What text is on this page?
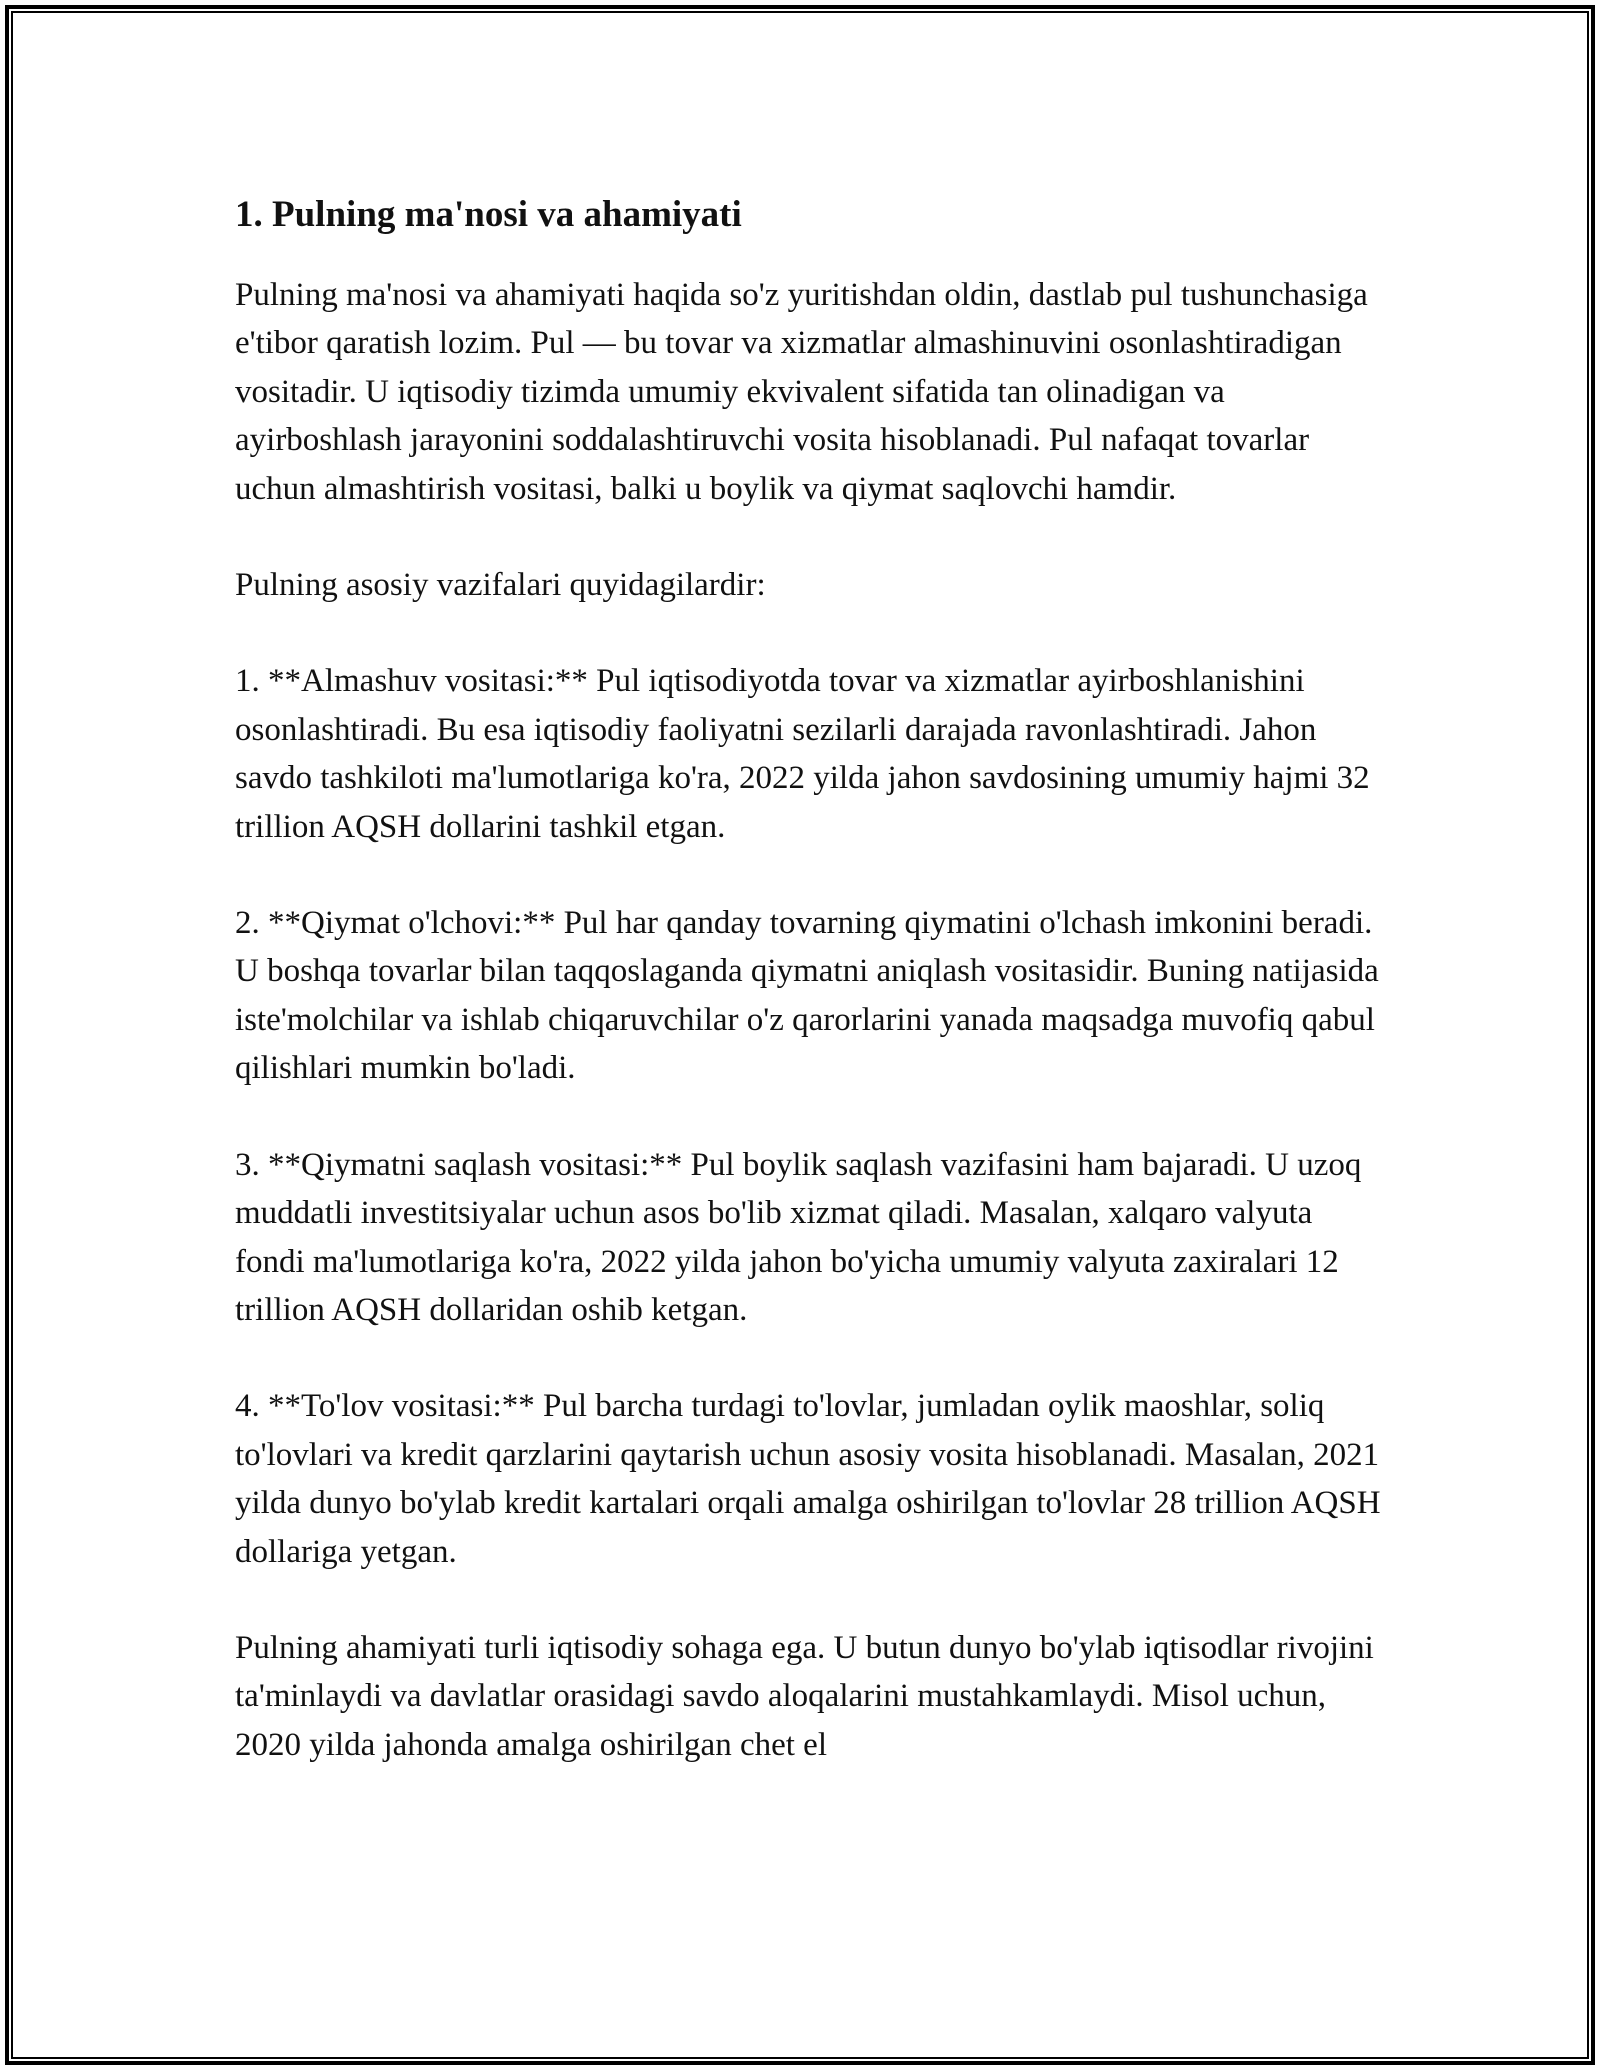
1. Pulning ma'nosi va ahamiyati

Pulning ma'nosi va ahamiyati haqida so'z yuritishdan oldin, dastlab pul tushunchasiga e'tibor qaratish lozim. Pul — bu tovar va xizmatlar almashinuvini osonlashtiradigan vositadir. U iqtisodiy tizimda umumiy ekvivalent sifatida tan olinadigan va ayirboshlash jarayonini soddalashtiruvchi vosita hisoblanadi. Pul nafaqat tovarlar uchun almashtirish vositasi, balki u boylik va qiymat saqlovchi hamdir.

Pulning asosiy vazifalari quyidagilardir:

1. **Almashuv vositasi:** Pul iqtisodiyotda tovar va xizmatlar ayirboshlanishini osonlashtiradi. Bu esa iqtisodiy faoliyatni sezilarli darajada ravonlashtiradi. Jahon savdo tashkiloti ma'lumotlariga ko'ra, 2022 yilda jahon savdosining umumiy hajmi 32 trillion AQSH dollarini tashkil etgan.

2. **Qiymat o'lchovi:** Pul har qanday tovarning qiymatini o'lchash imkonini beradi. U boshqa tovarlar bilan taqqoslaganda qiymatni aniqlash vositasidir. Buning natijasida iste'molchilar va ishlab chiqaruvchilar o'z qarorlarini yanada maqsadga muvofiq qabul qilishlari mumkin bo'ladi.

3. **Qiymatni saqlash vositasi:** Pul boylik saqlash vazifasini ham bajaradi. U uzoq muddatli investitsiyalar uchun asos bo'lib xizmat qiladi. Masalan, xalqaro valyuta fondi ma'lumotlariga ko'ra, 2022 yilda jahon bo'yicha umumiy valyuta zaxiralari 12 trillion AQSH dollaridan oshib ketgan.

4. **To'lov vositasi:** Pul barcha turdagi to'lovlar, jumladan oylik maoshlar, soliq to'lovlari va kredit qarzlarini qaytarish uchun asosiy vosita hisoblanadi. Masalan, 2021 yilda dunyo bo'ylab kredit kartalari orqali amalga oshirilgan to'lovlar 28 trillion AQSH dollariga yetgan.

Pulning ahamiyati turli iqtisodiy sohaga ega. U butun dunyo bo'ylab iqtisodlar rivojini ta'minlaydi va davlatlar orasidagi savdo aloqalarini mustahkamlaydi. Misol uchun, 2020 yilda jahonda amalga oshirilgan chet el
